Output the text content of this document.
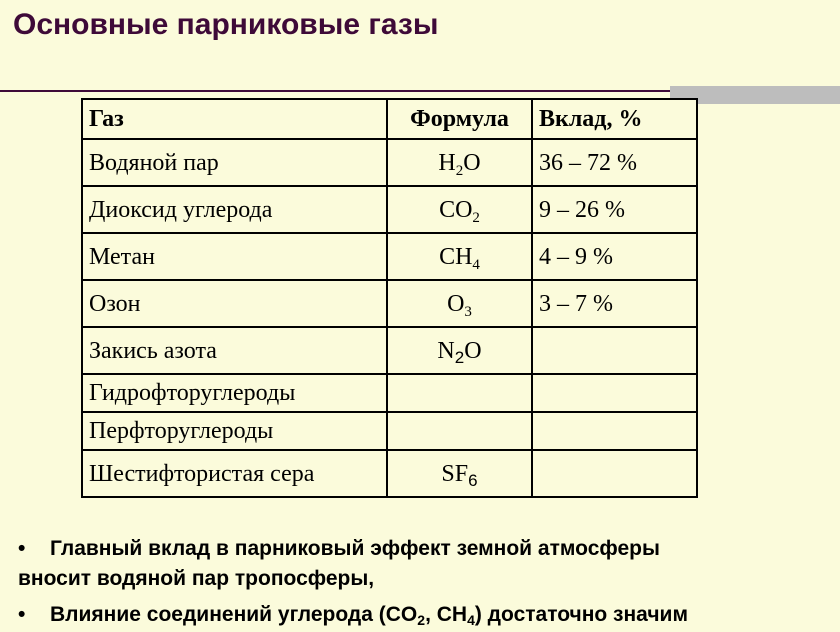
Основные парниковые газы
Газ	Формула	Вклад, %
Водяной пар	$H_2O$	36 – 72 %
Диоксид углерода	$CO_2$	9 – 26 %
Метан	$CH_4$	4 – 9 %
Озон	$O_3$	3 – 7 %
Закись азота	$N_2O$	
Гидрофторуглероды		
Перфторуглероды		
Шестифтористая сера	$SF_6$	
• Главный вклад в парниковый эффект земной атмосферы
вносит водяной пар тропосферы,
• Влияние соединений углерода ($CO_2$, $CH_4$) достаточно значим
